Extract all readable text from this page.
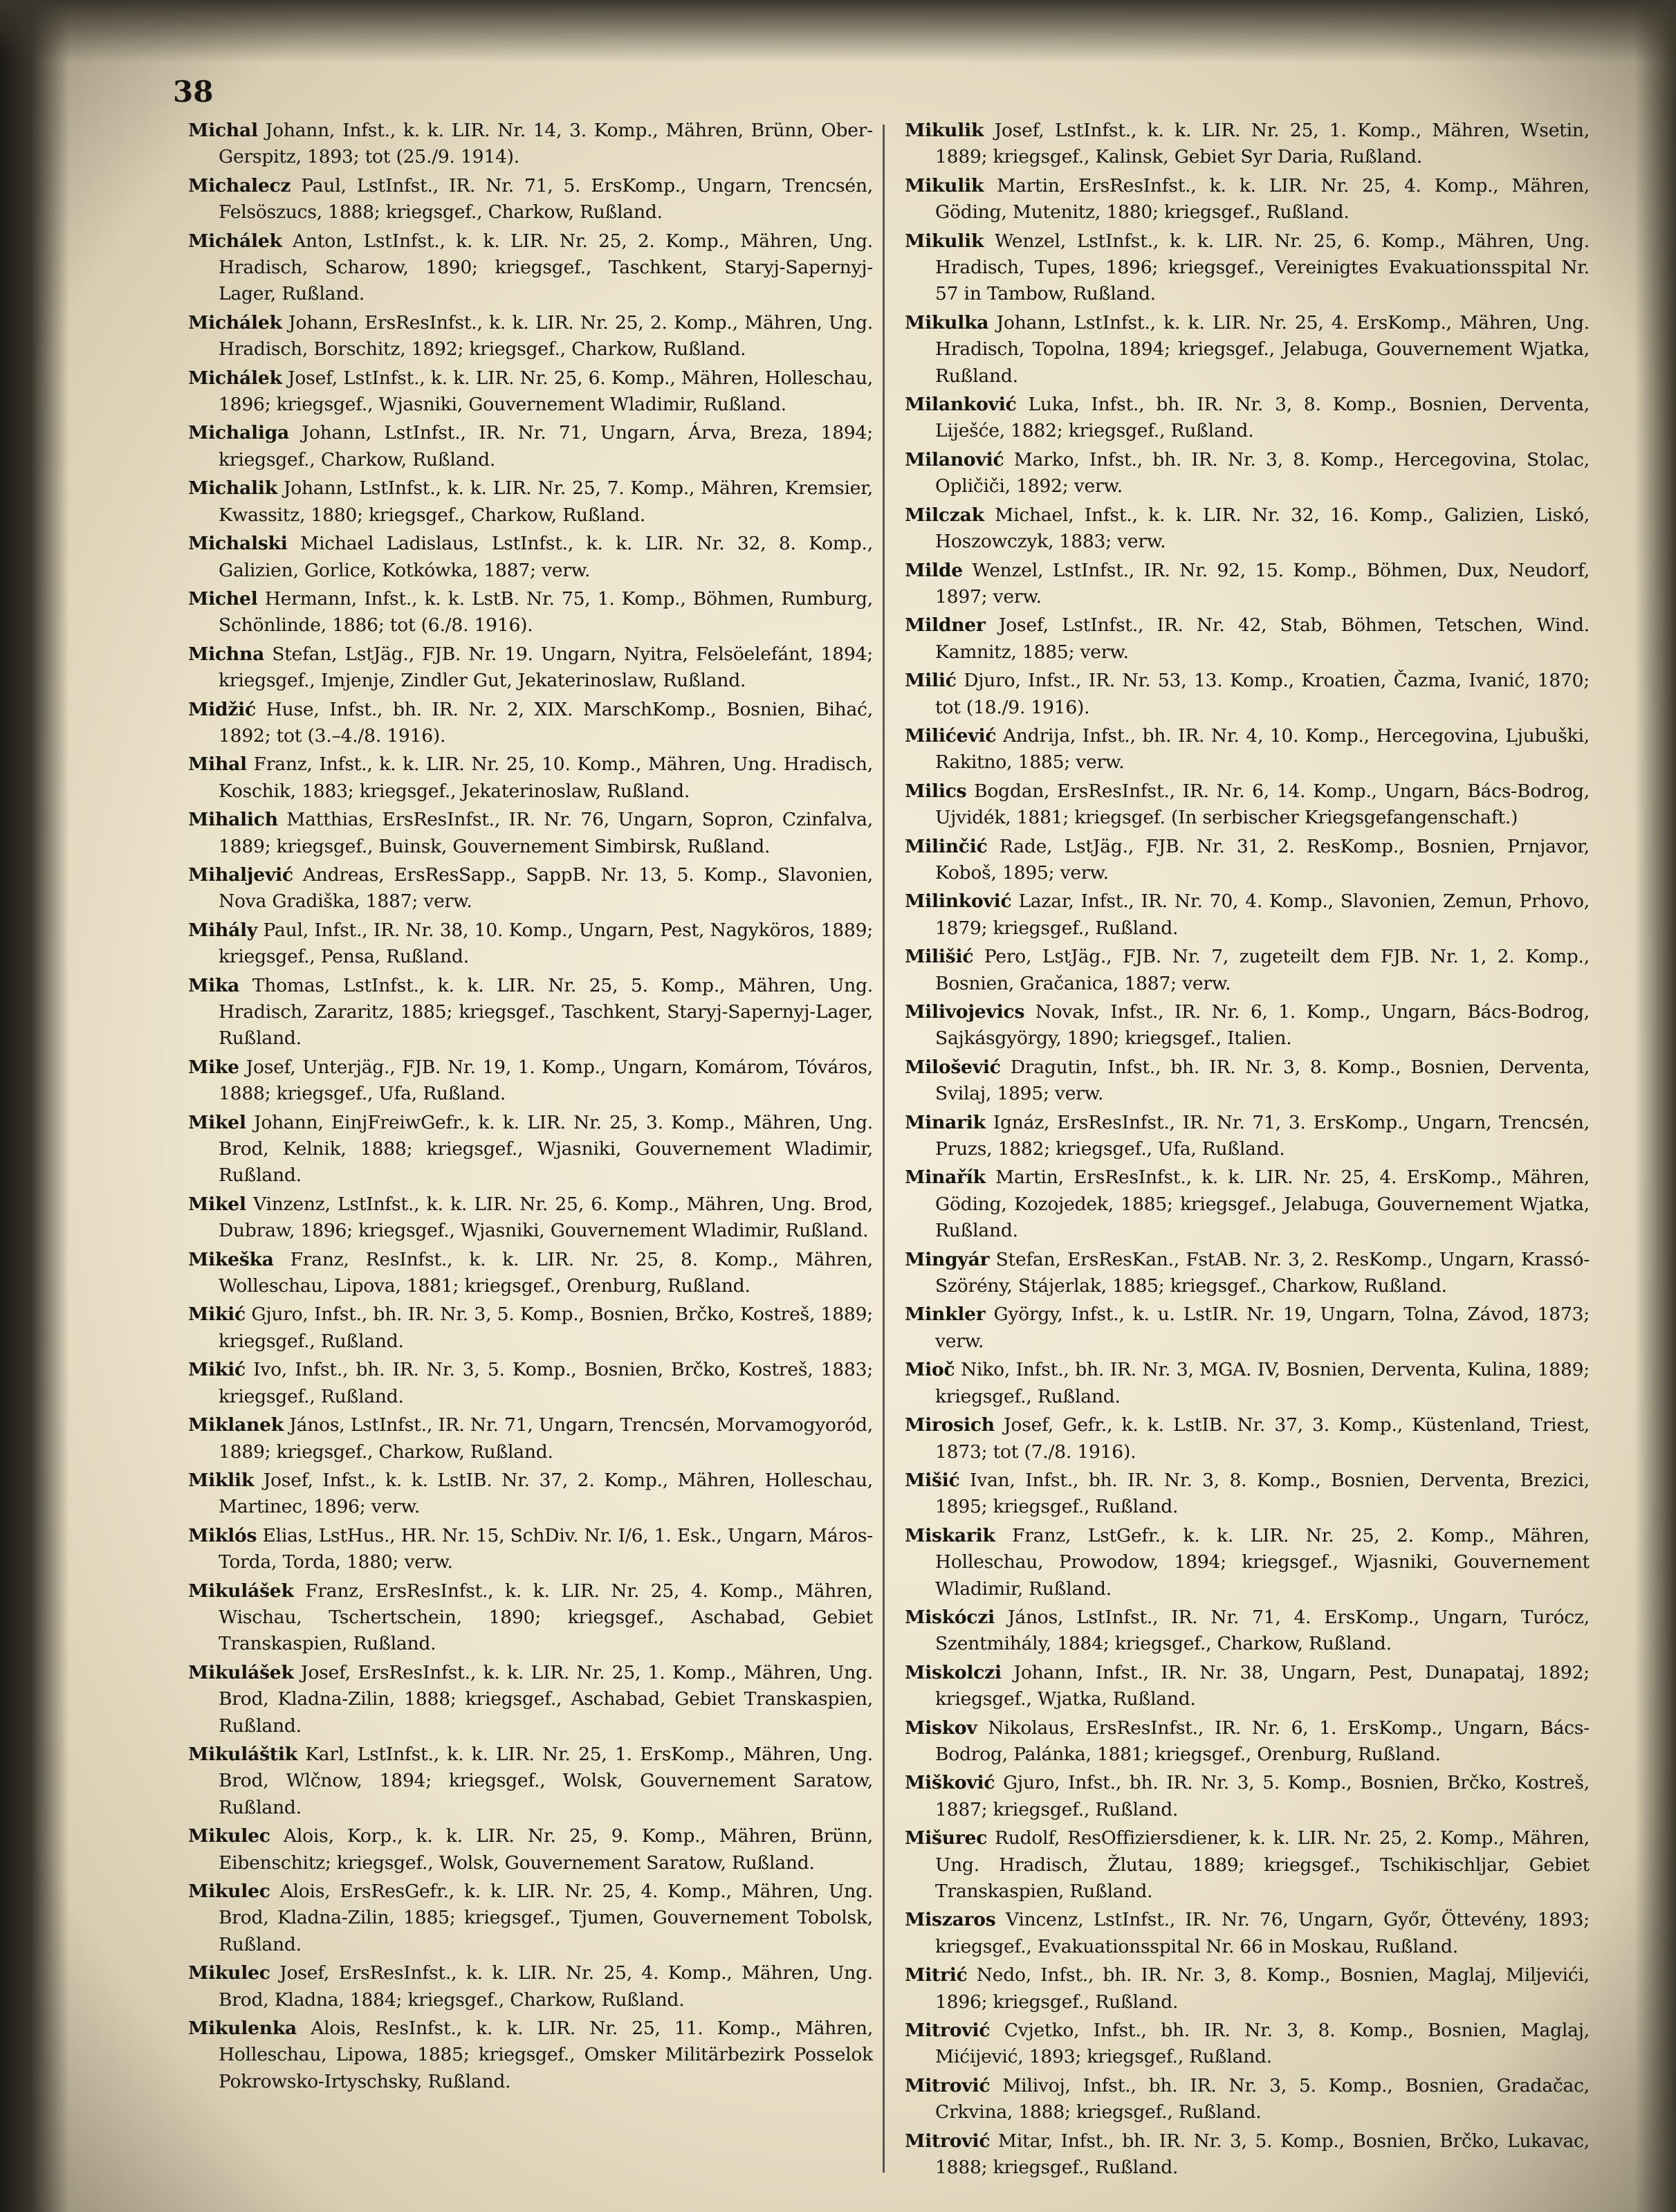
38

Michal Johann, Infst., k. k. LIR. Nr. 14, 3. Komp., Mähren, Brünn, Ober-Gerspitz, 1893; tot (25./9. 1914).

Michalecz Paul, LstInfst., IR. Nr. 71, 5. ErsKomp., Ungarn, Trencsén, Felsöszucs, 1888; kriegsgef., Charkow, Rußland.

Michálek Anton, LstInfst., k. k. LIR. Nr. 25, 2. Komp., Mähren, Ung. Hradisch, Scharow, 1890; kriegsgef., Taschkent, Staryj-Sapernyj-Lager, Rußland.

Michálek Johann, ErsResInfst., k. k. LIR. Nr. 25, 2. Komp., Mähren, Ung. Hradisch, Borschitz, 1892; kriegsgef., Charkow, Rußland.

Michálek Josef, LstInfst., k. k. LIR. Nr. 25, 6. Komp., Mähren, Holleschau, 1896; kriegsgef., Wjasniki, Gouvernement Wladimir, Rußland.

Michaliga Johann, LstInfst., IR. Nr. 71, Ungarn, Árva, Breza, 1894; kriegsgef., Charkow, Rußland.

Michalik Johann, LstInfst., k. k. LIR. Nr. 25, 7. Komp., Mähren, Kremsier, Kwassitz, 1880; kriegsgef., Charkow, Rußland.

Michalski Michael Ladislaus, LstInfst., k. k. LIR. Nr. 32, 8. Komp., Galizien, Gorlice, Kotkówka, 1887; verw.

Michel Hermann, Infst., k. k. LstB. Nr. 75, 1. Komp., Böhmen, Rumburg, Schönlinde, 1886; tot (6./8. 1916).

Michna Stefan, LstJäg., FJB. Nr. 19. Ungarn, Nyitra, Felsöelefánt, 1894; kriegsgef., Imjenje, Zindler Gut, Jekaterinoslaw, Rußland.

Midžić Huse, Infst., bh. IR. Nr. 2, XIX. MarschKomp., Bosnien, Bihać, 1892; tot (3.–4./8. 1916).

Mihal Franz, Infst., k. k. LIR. Nr. 25, 10. Komp., Mähren, Ung. Hradisch, Koschik, 1883; kriegsgef., Jekaterinoslaw, Rußland.

Mihalich Matthias, ErsResInfst., IR. Nr. 76, Ungarn, Sopron, Czinfalva, 1889; kriegsgef., Buinsk, Gouvernement Simbirsk, Rußland.

Mihaljević Andreas, ErsResSapp., SappB. Nr. 13, 5. Komp., Slavonien, Nova Gradiška, 1887; verw.

Mihály Paul, Infst., IR. Nr. 38, 10. Komp., Ungarn, Pest, Nagyköros, 1889; kriegsgef., Pensa, Rußland.

Mika Thomas, LstInfst., k. k. LIR. Nr. 25, 5. Komp., Mähren, Ung. Hradisch, Zararitz, 1885; kriegsgef., Taschkent, Staryj-Sapernyj-Lager, Rußland.

Mike Josef, Unterjäg., FJB. Nr. 19, 1. Komp., Ungarn, Komárom, Tóváros, 1888; kriegsgef., Ufa, Rußland.

Mikel Johann, EinjFreiwGefr., k. k. LIR. Nr. 25, 3. Komp., Mähren, Ung. Brod, Kelnik, 1888; kriegsgef., Wjasniki, Gouvernement Wladimir, Rußland.

Mikel Vinzenz, LstInfst., k. k. LIR. Nr. 25, 6. Komp., Mähren, Ung. Brod, Dubraw, 1896; kriegsgef., Wjasniki, Gouvernement Wladimir, Rußland.

Mikeška Franz, ResInfst., k. k. LIR. Nr. 25, 8. Komp., Mähren, Wolleschau, Lipova, 1881; kriegsgef., Orenburg, Rußland.

Mikić Gjuro, Infst., bh. IR. Nr. 3, 5. Komp., Bosnien, Brčko, Kostreš, 1889; kriegsgef., Rußland.

Mikić Ivo, Infst., bh. IR. Nr. 3, 5. Komp., Bosnien, Brčko, Kostreš, 1883; kriegsgef., Rußland.

Miklanek János, LstInfst., IR. Nr. 71, Ungarn, Trencsén, Morvamogyoród, 1889; kriegsgef., Charkow, Rußland.

Miklik Josef, Infst., k. k. LstIB. Nr. 37, 2. Komp., Mähren, Holleschau, Martinec, 1896; verw.

Miklós Elias, LstHus., HR. Nr. 15, SchDiv. Nr. I/6, 1. Esk., Ungarn, Máros-Torda, Torda, 1880; verw.

Mikulášek Franz, ErsResInfst., k. k. LIR. Nr. 25, 4. Komp., Mähren, Wischau, Tschertschein, 1890; kriegsgef., Aschabad, Gebiet Transkaspien, Rußland.

Mikulášek Josef, ErsResInfst., k. k. LIR. Nr. 25, 1. Komp., Mähren, Ung. Brod, Kladna-Zilin, 1888; kriegsgef., Aschabad, Gebiet Transkaspien, Rußland.

Mikuláštik Karl, LstInfst., k. k. LIR. Nr. 25, 1. ErsKomp., Mähren, Ung. Brod, Wlčnow, 1894; kriegsgef., Wolsk, Gouvernement Saratow, Rußland.

Mikulec Alois, Korp., k. k. LIR. Nr. 25, 9. Komp., Mähren, Brünn, Eibenschitz; kriegsgef., Wolsk, Gouvernement Saratow, Rußland.

Mikulec Alois, ErsResGefr., k. k. LIR. Nr. 25, 4. Komp., Mähren, Ung. Brod, Kladna-Zilin, 1885; kriegsgef., Tjumen, Gouvernement Tobolsk, Rußland.

Mikulec Josef, ErsResInfst., k. k. LIR. Nr. 25, 4. Komp., Mähren, Ung. Brod, Kladna, 1884; kriegsgef., Charkow, Rußland.

Mikulenka Alois, ResInfst., k. k. LIR. Nr. 25, 11. Komp., Mähren, Holleschau, Lipowa, 1885; kriegsgef., Omsker Militärbezirk Posselok Pokrowsko-Irtyschsky, Rußland.

Mikulik Josef, LstInfst., k. k. LIR. Nr. 25, 1. Komp., Mähren, Wsetin, 1889; kriegsgef., Kalinsk, Gebiet Syr Daria, Rußland.

Mikulik Martin, ErsResInfst., k. k. LIR. Nr. 25, 4. Komp., Mähren, Göding, Mutenitz, 1880; kriegsgef., Rußland.

Mikulik Wenzel, LstInfst., k. k. LIR. Nr. 25, 6. Komp., Mähren, Ung. Hradisch, Tupes, 1896; kriegsgef., Vereinigtes Evakuationsspital Nr. 57 in Tambow, Rußland.

Mikulka Johann, LstInfst., k. k. LIR. Nr. 25, 4. ErsKomp., Mähren, Ung. Hradisch, Topolna, 1894; kriegsgef., Jelabuga, Gouvernement Wjatka, Rußland.

Milanković Luka, Infst., bh. IR. Nr. 3, 8. Komp., Bosnien, Derventa, Liješće, 1882; kriegsgef., Rußland.

Milanović Marko, Infst., bh. IR. Nr. 3, 8. Komp., Hercegovina, Stolac, Opličiči, 1892; verw.

Milczak Michael, Infst., k. k. LIR. Nr. 32, 16. Komp., Galizien, Liskó, Hoszowczyk, 1883; verw.

Milde Wenzel, LstInfst., IR. Nr. 92, 15. Komp., Böhmen, Dux, Neudorf, 1897; verw.

Mildner Josef, LstInfst., IR. Nr. 42, Stab, Böhmen, Tetschen, Wind. Kamnitz, 1885; verw.

Milić Djuro, Infst., IR. Nr. 53, 13. Komp., Kroatien, Čazma, Ivanić, 1870; tot (18./9. 1916).

Milićević Andrija, Infst., bh. IR. Nr. 4, 10. Komp., Hercegovina, Ljubuški, Rakitno, 1885; verw.

Milics Bogdan, ErsResInfst., IR. Nr. 6, 14. Komp., Ungarn, Bács-Bodrog, Ujvidék, 1881; kriegsgef. (In serbischer Kriegsgefangenschaft.)

Milinčić Rade, LstJäg., FJB. Nr. 31, 2. ResKomp., Bosnien, Prnjavor, Koboš, 1895; verw.

Milinković Lazar, Infst., IR. Nr. 70, 4. Komp., Slavonien, Zemun, Prhovo, 1879; kriegsgef., Rußland.

Milišić Pero, LstJäg., FJB. Nr. 7, zugeteilt dem FJB. Nr. 1, 2. Komp., Bosnien, Gračanica, 1887; verw.

Milivojevics Novak, Infst., IR. Nr. 6, 1. Komp., Ungarn, Bács-Bodrog, Sajkásgyörgy, 1890; kriegsgef., Italien.

Milošević Dragutin, Infst., bh. IR. Nr. 3, 8. Komp., Bosnien, Derventa, Svilaj, 1895; verw.

Minarik Ignáz, ErsResInfst., IR. Nr. 71, 3. ErsKomp., Ungarn, Trencsén, Pruzs, 1882; kriegsgef., Ufa, Rußland.

Minařík Martin, ErsResInfst., k. k. LIR. Nr. 25, 4. ErsKomp., Mähren, Göding, Kozojedek, 1885; kriegsgef., Jelabuga, Gouvernement Wjatka, Rußland.

Mingyár Stefan, ErsResKan., FstAB. Nr. 3, 2. ResKomp., Ungarn, Krassó-Szörény, Stájerlak, 1885; kriegsgef., Charkow, Rußland.

Minkler György, Infst., k. u. LstIR. Nr. 19, Ungarn, Tolna, Závod, 1873; verw.

Mioč Niko, Infst., bh. IR. Nr. 3, MGA. IV, Bosnien, Derventa, Kulina, 1889; kriegsgef., Rußland.

Mirosich Josef, Gefr., k. k. LstIB. Nr. 37, 3. Komp., Küstenland, Triest, 1873; tot (7./8. 1916).

Mišić Ivan, Infst., bh. IR. Nr. 3, 8. Komp., Bosnien, Derventa, Brezici, 1895; kriegsgef., Rußland.

Miskarik Franz, LstGefr., k. k. LIR. Nr. 25, 2. Komp., Mähren, Holleschau, Prowodow, 1894; kriegsgef., Wjasniki, Gouvernement Wladimir, Rußland.

Miskóczi János, LstInfst., IR. Nr. 71, 4. ErsKomp., Ungarn, Turócz, Szentmihály, 1884; kriegsgef., Charkow, Rußland.

Miskolczi Johann, Infst., IR. Nr. 38, Ungarn, Pest, Dunapataj, 1892; kriegsgef., Wjatka, Rußland.

Miskov Nikolaus, ErsResInfst., IR. Nr. 6, 1. ErsKomp., Ungarn, Bács-Bodrog, Palánka, 1881; kriegsgef., Orenburg, Rußland.

Mišković Gjuro, Infst., bh. IR. Nr. 3, 5. Komp., Bosnien, Brčko, Kostreš, 1887; kriegsgef., Rußland.

Mišurec Rudolf, ResOffiziersdiener, k. k. LIR. Nr. 25, 2. Komp., Mähren, Ung. Hradisch, Žlutau, 1889; kriegsgef., Tschikischljar, Gebiet Transkaspien, Rußland.

Miszaros Vincenz, LstInfst., IR. Nr. 76, Ungarn, Győr, Öttevény, 1893; kriegsgef., Evakuationsspital Nr. 66 in Moskau, Rußland.

Mitrić Nedo, Infst., bh. IR. Nr. 3, 8. Komp., Bosnien, Maglaj, Miljevići, 1896; kriegsgef., Rußland.

Mitrović Cvjetko, Infst., bh. IR. Nr. 3, 8. Komp., Bosnien, Maglaj, Mićijević, 1893; kriegsgef., Rußland.

Mitrović Milivoj, Infst., bh. IR. Nr. 3, 5. Komp., Bosnien, Gradačac, Crkvina, 1888; kriegsgef., Rußland.

Mitrović Mitar, Infst., bh. IR. Nr. 3, 5. Komp., Bosnien, Brčko, Lukavac, 1888; kriegsgef., Rußland.
